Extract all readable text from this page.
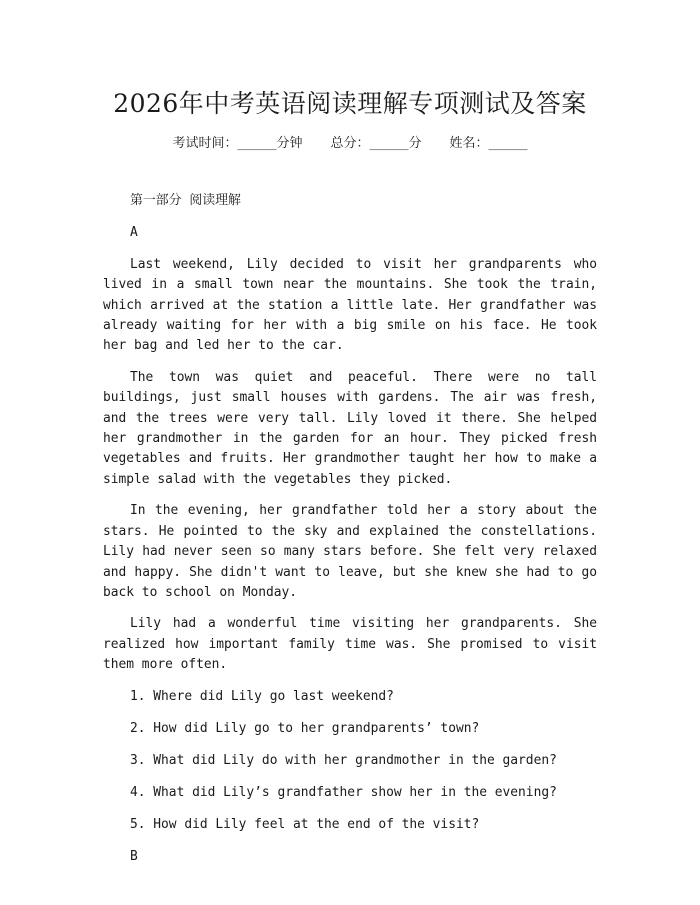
2026年中考英语阅读理解专项测试及答案
考试时间：______分钟 总分：______分 姓名：______

第一部分 阅读理解

A

Last weekend, Lily decided to visit her grandparents who lived in a small town near the mountains. She took the train, which arrived at the station a little late. Her grandfather was already waiting for her with a big smile on his face. He took her bag and led her to the car.

The town was quiet and peaceful. There were no tall buildings, just small houses with gardens. The air was fresh, and the trees were very tall. Lily loved it there. She helped her grandmother in the garden for an hour. They picked fresh vegetables and fruits. Her grandmother taught her how to make a simple salad with the vegetables they picked.

In the evening, her grandfather told her a story about the stars. He pointed to the sky and explained the constellations. Lily had never seen so many stars before. She felt very relaxed and happy. She didn't want to leave, but she knew she had to go back to school on Monday.

Lily had a wonderful time visiting her grandparents. She realized how important family time was. She promised to visit them more often.

1. Where did Lily go last weekend?

2. How did Lily go to her grandparents’ town?

3. What did Lily do with her grandmother in the garden?

4. What did Lily’s grandfather show her in the evening?

5. How did Lily feel at the end of the visit?

B
